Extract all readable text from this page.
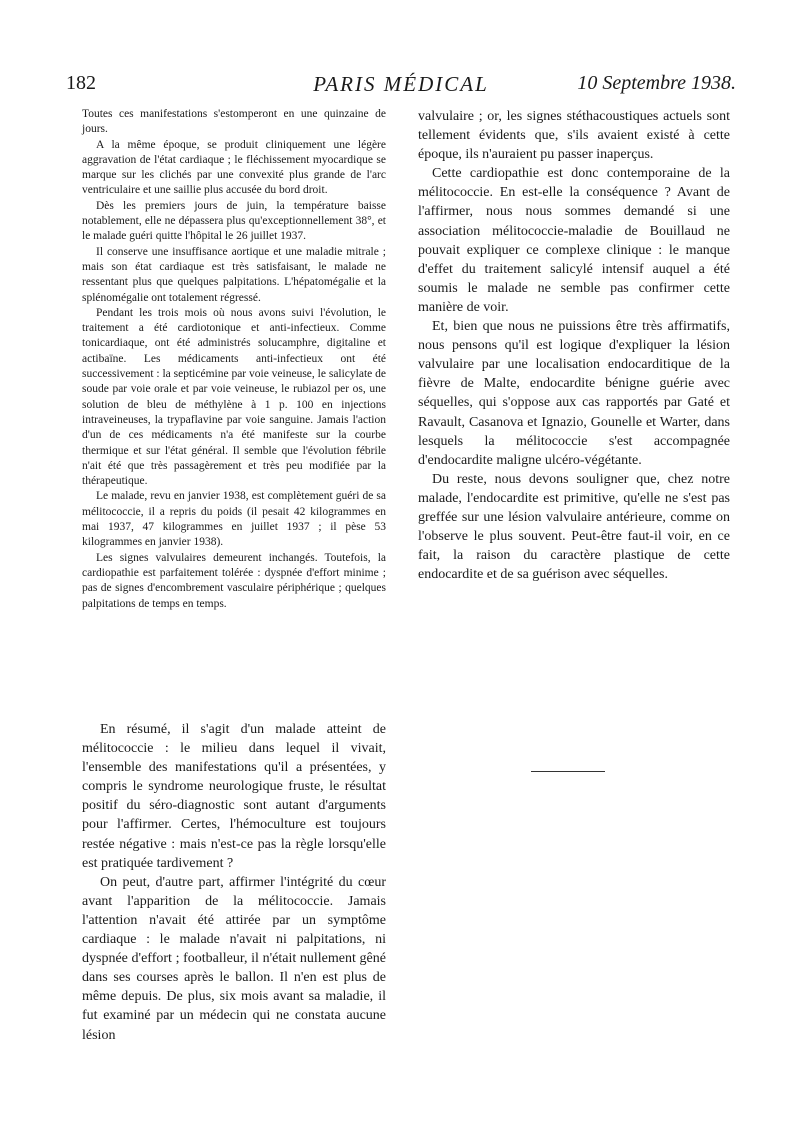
182	PARIS MÉDICAL	10 Septembre 1938.

Toutes ces manifestations s'estomperont en une quinzaine de jours.

A la même époque, se produit cliniquement une légère aggravation de l'état cardiaque ; le fléchissement myocardique se marque sur les clichés par une convexité plus grande de l'arc ventriculaire et une saillie plus accusée du bord droit.

Dès les premiers jours de juin, la température baisse notablement, elle ne dépassera plus qu'exceptionnellement 38°, et le malade guéri quitte l'hôpital le 26 juillet 1937.

Il conserve une insuffisance aortique et une maladie mitrale ; mais son état cardiaque est très satisfaisant, le malade ne ressentant plus que quelques palpitations. L'hépatomégalie et la splénomégalie ont totalement régressé.

Pendant les trois mois où nous avons suivi l'évolution, le traitement a été cardiotonique et anti-infectieux. Comme tonicardiaque, ont été administrés solucamphre, digitaline et actibaïne. Les médicaments anti-infectieux ont été successivement : la septicémine par voie veineuse, le salicylate de soude par voie orale et par voie veineuse, le rubiazol per os, une solution de bleu de méthylène à 1 p. 100 en injections intraveineuses, la trypaflavine par voie sanguine. Jamais l'action d'un de ces médicaments n'a été manifeste sur la courbe thermique et sur l'état général. Il semble que l'évolution fébrile n'ait été que très passagèrement et très peu modifiée par la thérapeutique.

Le malade, revu en janvier 1938, est complètement guéri de sa mélitococcie, il a repris du poids (il pesait 42 kilogrammes en mai 1937, 47 kilogrammes en juillet 1937 ; il pèse 53 kilogrammes en janvier 1938).

Les signes valvulaires demeurent inchangés. Toutefois, la cardiopathie est parfaitement tolérée : dyspnée d'effort minime ; pas de signes d'encombrement vasculaire périphérique ; quelques palpitations de temps en temps.

En résumé, il s'agit d'un malade atteint de mélitococcie : le milieu dans lequel il vivait, l'ensemble des manifestations qu'il a présentées, y compris le syndrome neurologique fruste, le résultat positif du séro-diagnostic sont autant d'arguments pour l'affirmer. Certes, l'hémoculture est toujours restée négative : mais n'est-ce pas la règle lorsqu'elle est pratiquée tardivement ?

On peut, d'autre part, affirmer l'intégrité du cœur avant l'apparition de la mélitococcie. Jamais l'attention n'avait été attirée par un symptôme cardiaque : le malade n'avait ni palpitations, ni dyspnée d'effort ; footballeur, il n'était nullement gêné dans ses courses après le ballon. Il n'en est plus de même depuis. De plus, six mois avant sa maladie, il fut examiné par un médecin qui ne constata aucune lésion

valvulaire ; or, les signes stéthacoustiques actuels sont tellement évidents que, s'ils avaient existé à cette époque, ils n'auraient pu passer inaperçus.

Cette cardiopathie est donc contemporaine de la mélitococcie. En est-elle la conséquence ? Avant de l'affirmer, nous nous sommes demandé si une association mélitococcie-maladie de Bouillaud ne pouvait expliquer ce complexe clinique : le manque d'effet du traitement salicylé intensif auquel a été soumis le malade ne semble pas confirmer cette manière de voir.

Et, bien que nous ne puissions être très affirmatifs, nous pensons qu'il est logique d'expliquer la lésion valvulaire par une localisation endocarditique de la fièvre de Malte, endocardite bénigne guérie avec séquelles, qui s'oppose aux cas rapportés par Gaté et Ravault, Casanova et Ignazio, Gounelle et Warter, dans lesquels la mélitococcie s'est accompagnée d'endocardite maligne ulcéro-végétante.

Du reste, nous devons souligner que, chez notre malade, l'endocardite est primitive, qu'elle ne s'est pas greffée sur une lésion valvulaire antérieure, comme on l'observe le plus souvent. Peut-être faut-il voir, en ce fait, la raison du caractère plastique de cette endocardite et de sa guérison avec séquelles.
